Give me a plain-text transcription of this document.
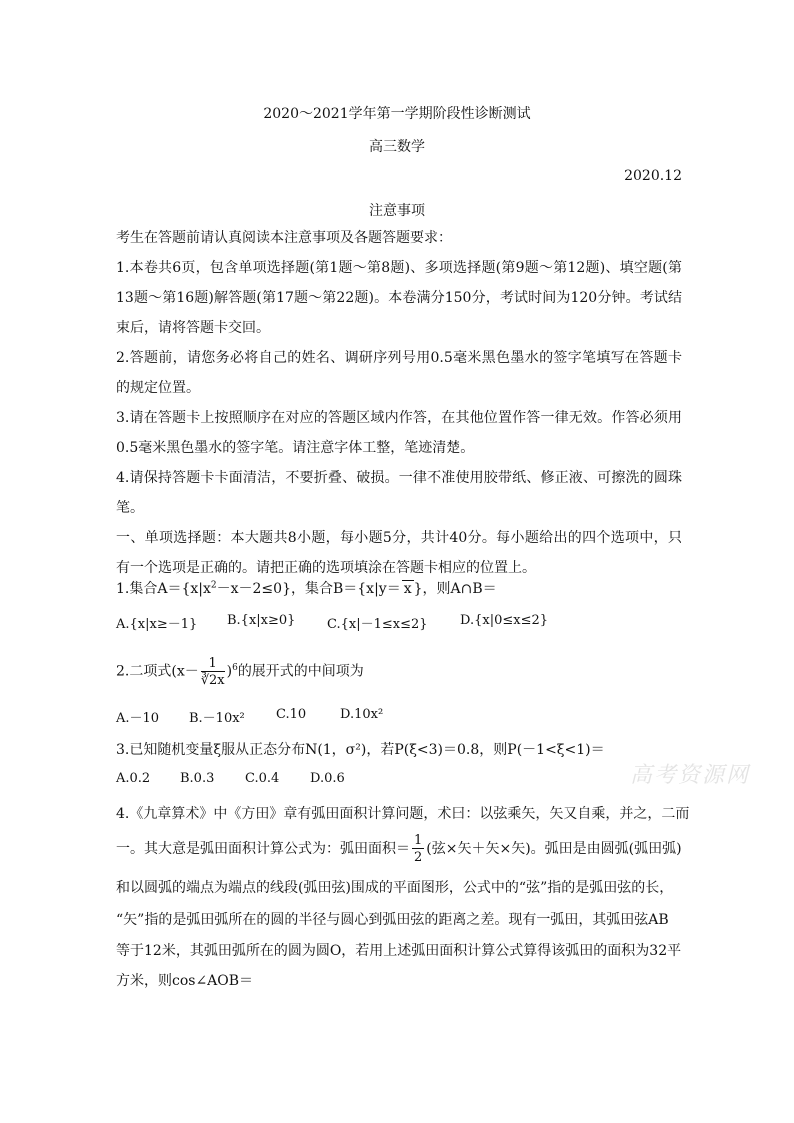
2020～2021学年第一学期阶段性诊断测试
高三数学
2020.12
注意事项
考生在答题前请认真阅读本注意事项及各题答题要求：
1.本卷共6页，包含单项选择题(第1题～第8题)、多项选择题(第9题～第12题)、填空题(第13题～第16题)解答题(第17题～第22题)。本卷满分150分，考试时间为120分钟。考试结束后，请将答题卡交回。
2.答题前，请您务必将自己的姓名、调研序列号用0.5毫米黑色墨水的签字笔填写在答题卡的规定位置。
3.请在答题卡上按照顺序在对应的答题区域内作答，在其他位置作答一律无效。作答必须用0.5毫米黑色墨水的签字笔。请注意字体工整，笔迹清楚。
4.请保持答题卡卡面清洁，不要折叠、破损。一律不准使用胶带纸、修正液、可擦洗的圆珠笔。
一、单项选择题：本大题共8小题，每小题5分，共计40分。每小题给出的四个选项中，只有一个选项是正确的。请把正确的选项填涂在答题卡相应的位置上。
1.集合$A=\{x|x^2-x-2\le 0\}$，集合B＝{x|y＝ x }，则A∩B＝
A.{x|x≥－1} B.{x|x≥0} C.{x|－1≤x≤2} D.{x|0≤x≤2}
2.二项式$(x- \frac{1}{∛2x} )^6$的展开式的中间项为
A.－10 B.－10x² C.10	D.10x²
3.已知随机变量ξ服从正态分布N(1，σ²)，若P(ξ<3)＝0.8，则P(－1<ξ<1)＝
A.0.2 B.0.3 C.0.4 D.0.6	高考资源网
4.《九章算术》中《方田》章有弧田面积计算问题，术曰：以弦乘矢，矢又自乘，并之，二而
一。其大意是弧田面积计算公式为：弧田面积＝ $\frac{1}{2}$ (弦×矢＋矢×矢)。弧田是由圆弧(弧田弧)
和以圆弧的端点为端点的线段(弧田弦)围成的平面图形，公式中的“弦”指的是弧田弦的长，
“矢”指的是弧田弧所在的圆的半径与圆心到弧田弦的距离之差。现有一弧田，其弧田弦AB
等于12米，其弧田弧所在的圆为圆O，若用上述弧田面积计算公式算得该弧田的面积为32平
方米，则cos∠AOB＝
